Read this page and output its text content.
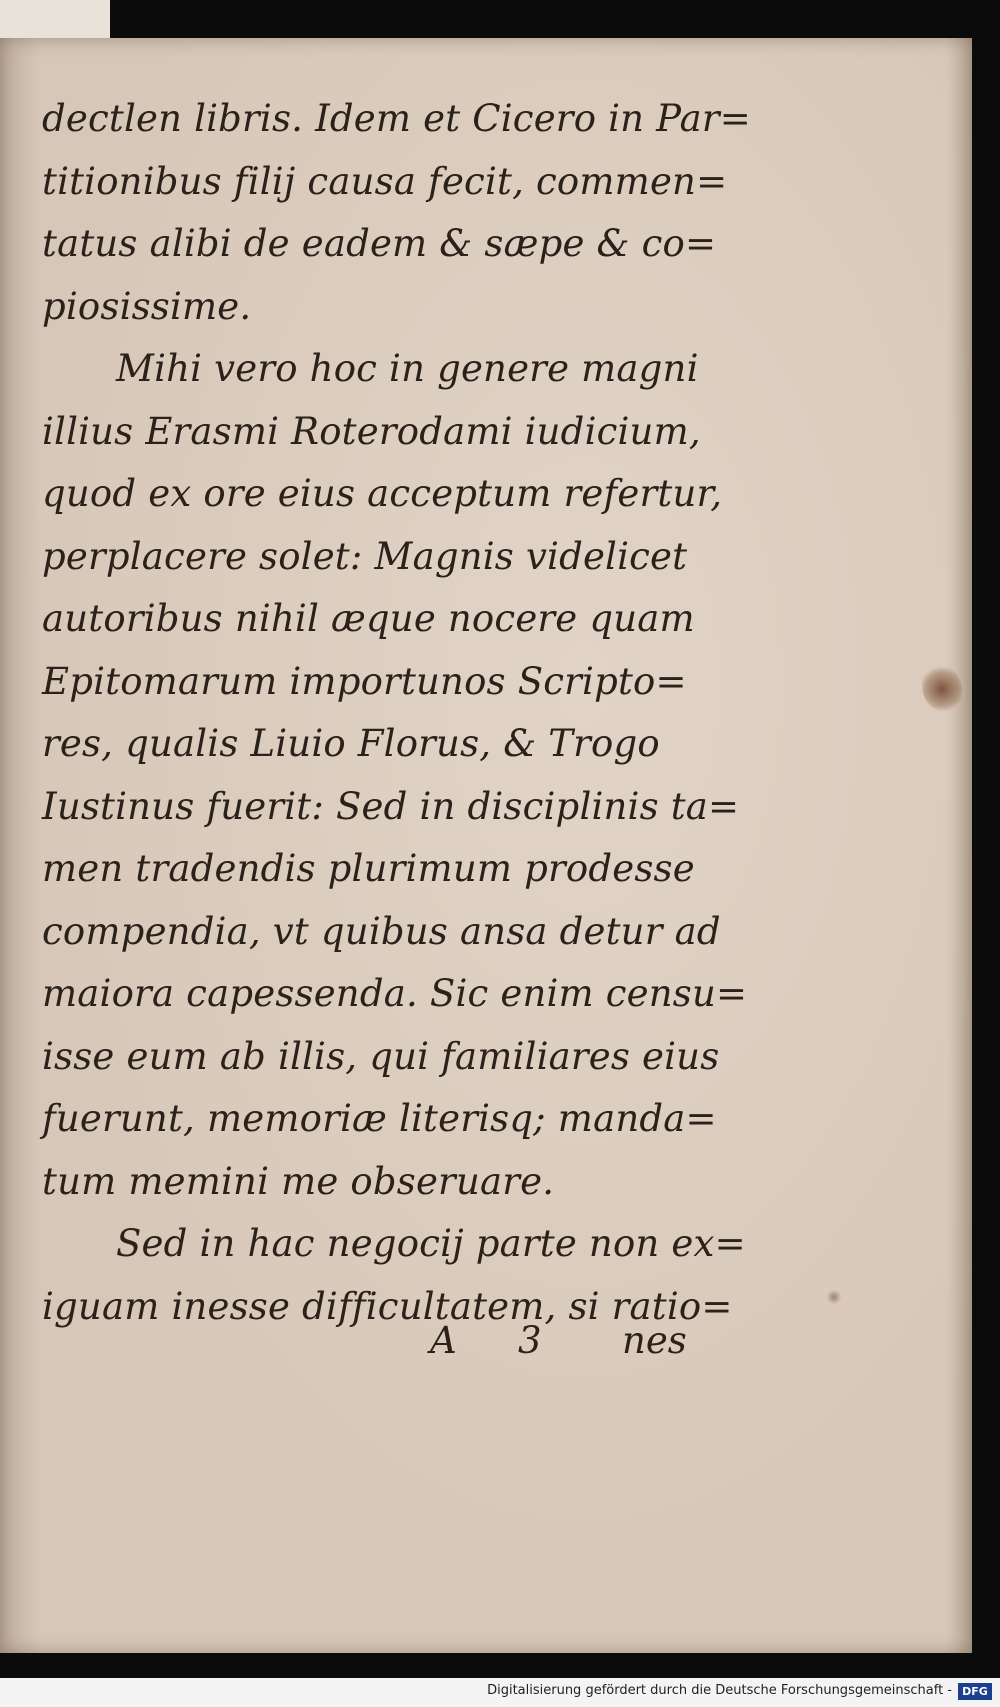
dectlen libris. Idem et Cicero in Par=
titionibus filij causa fecit, commen=
tatus alibi de eadem & sæpe & co=
piosissime.
Mihi vero hoc in genere magni
illius Erasmi Roterodami iudicium,
quod ex ore eius acceptum refertur,
perplacere solet: Magnis videlicet
autoribus nihil æque nocere quam
Epitomarum importunos Scripto=
res, qualis Liuio Florus, & Trogo
Iustinus fuerit: Sed in disciplinis ta=
men tradendis plurimum prodesse
compendia, vt quibus ansa detur ad
maiora capessenda. Sic enim censu=
isse eum ab illis, qui familiares eius
fuerunt, memoriæ literisq; manda=
tum memini me obseruare.
Sed in hac negocij parte non ex=
iguam inesse difficultatem, si ratio=
A 3 nes
Digitalisierung gefördert durch die Deutsche Forschungsgemeinschaft - DFG
